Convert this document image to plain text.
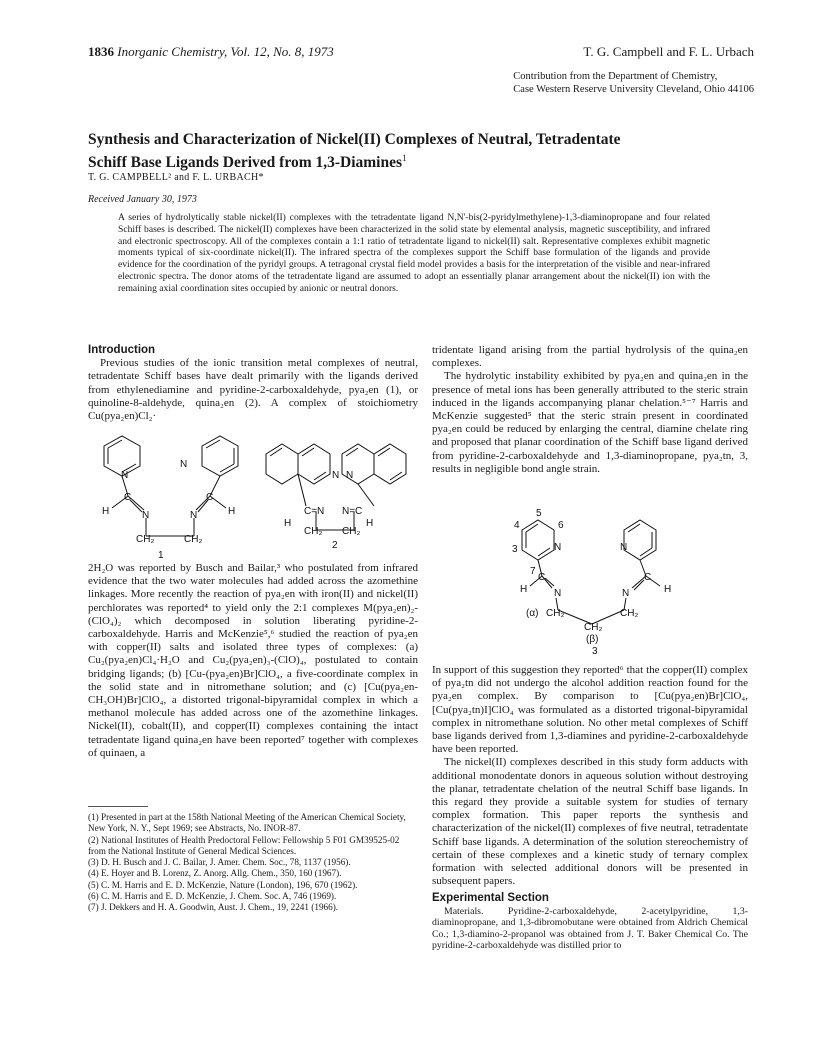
1836 Inorganic Chemistry, Vol. 12, No. 8, 1973	T. G. Campbell and F. L. Urbach
Contribution from the Department of Chemistry,
Case Western Reserve University Cleveland, Ohio 44106
Synthesis and Characterization of Nickel(II) Complexes of Neutral, Tetradentate
Schiff Base Ligands Derived from 1,3-Diamines$^1$
T. G. CAMPBELL² and F. L. URBACH*
Received January 30, 1973
A series of hydrolytically stable nickel(II) complexes with the tetradentate ligand N,N'-bis(2-pyridylmethylene)-1,3-diaminopropane and four related Schiff bases is described. The nickel(II) complexes have been characterized in the solid state by elemental analysis, magnetic susceptibility, and infrared and electronic spectroscopy. All of the complexes contain a 1:1 ratio of tetradentate ligand to nickel(II) salt. Representative complexes exhibit magnetic moments typical of six-coordinate nickel(II). The infrared spectra of the complexes support the Schiff base formulation of the ligands and provide evidence for the coordination of the pyridyl groups. A tetragonal crystal field model provides a basis for the interpretation of the visible and near-infrared electronic spectra. The donor atoms of the tetradentate ligand are assumed to adopt an essentially planar arrangement about the nickel(II) ion with the remaining axial coordination sites occupied by anionic or neutral donors.
Introduction

Previous studies of the ionic transition metal complexes of neutral, tetradentate Schiff bases have dealt primarily with the ligands derived from ethylenediamine and pyridine-2-carboxaldehyde, pya₂en (1), or quinoline-8-aldehyde, quina₂en (2). A complex of stoichiometry Cu(pya₂en)Cl₂·

N
C
H	N
CH₂	CH₂
N
C
H
N
1
C=N N=C
H	H
CH₂ CH₂
N N
2

2H₂O was reported by Busch and Bailar,³ who postulated from infrared evidence that the two water molecules had added across the azomethine linkages. More recently the reaction of pya₂en with iron(II) and nickel(II) perchlorates was reported⁴ to yield only the 2:1 complexes M(pya₂en)₂-(ClO₄)₂ which decomposed in solution liberating pyridine-2-carboxaldehyde. Harris and McKenzie⁵,⁶ studied the reaction of pya₂en with copper(II) salts and isolated three types of complexes: (a) Cu₂(pya₂en)Cl₄·H₂O and Cu₂(pya₂en)₃-(ClO)₄, postulated to contain bridging ligands; (b) [Cu-(pya₂en)Br]ClO₄, a five-coordinate complex in the solid state and in nitromethane solution; and (c) [Cu(pya₂en-CH₃OH)Br]ClO₄, a distorted trigonal-bipyramidal complex in which a methanol molecule has added across one of the azomethine linkages. Nickel(II), cobalt(II), and copper(II) complexes containing the intact tetradentate ligand quina₂en have been reported⁷ together with complexes of quinaen, a

(1) Presented in part at the 158th National Meeting of the American Chemical Society, New York, N. Y., Sept 1969; see Abstracts, No. INOR-87.
(2) National Institutes of Health Predoctoral Fellow: Fellowship 5 F01 GM39525-02 from the National Institute of General Medical Sciences.
(3) D. H. Busch and J. C. Bailar, J. Amer. Chem. Soc., 78, 1137 (1956).
(4) E. Hoyer and B. Lorenz, Z. Anorg. Allg. Chem., 350, 160 (1967).
(5) C. M. Harris and E. D. McKenzie, Nature (London), 196, 670 (1962).
(6) C. M. Harris and E. D. McKenzie, J. Chem. Soc. A, 746 (1969).
(7) J. Dekkers and H. A. Goodwin, Aust. J. Chem., 19, 2241 (1966).

tridentate ligand arising from the partial hydrolysis of the quina₂en complexes.

The hydrolytic instability exhibited by pya₂en and quina₂en in the presence of metal ions has been generally attributed to the steric strain induced in the ligands accompanying planar chelation.⁵⁻⁷ Harris and McKenzie suggested⁵ that the steric strain present in coordinated pya₂en could be reduced by enlarging the central, diamine chelate ring and proposed that planar coordination of the Schiff base ligand derived from pyridine-2-carboxaldehyde and 1,3-diaminopropane, pya₂tn, 3, results in negligible bond angle strain.

5
4	6
3	N
7
C
H	N
(α) CH₂
CH₂
(β)
CH₂
N
C
H
N
3

In support of this suggestion they reported⁶ that the copper(II) complex of pya₂tn did not undergo the alcohol addition reaction found for the pya₂en complex. By comparison to [Cu(pya₂en)Br]ClO₄, [Cu(pya₂tn)I]ClO₄ was formulated as a distorted trigonal-bipyramidal complex in nitromethane solution. No other metal complexes of Schiff base ligands derived from 1,3-diamines and pyridine-2-carboxaldehyde have been reported.

The nickel(II) complexes described in this study form adducts with additional monodentate donors in aqueous solution without destroying the planar, tetradentate chelation of the neutral Schiff base ligands. In this regard they provide a suitable system for studies of ternary complex formation. This paper reports the synthesis and characterization of the nickel(II) complexes of five neutral, tetradentate Schiff base ligands. A determination of the solution stereochemistry of certain of these complexes and a kinetic study of ternary complex formation with selected additional donors will be presented in subsequent papers.

Experimental Section

Materials. Pyridine-2-carboxaldehyde, 2-acetylpyridine, 1,3-diaminopropane, and 1,3-dibromobutane were obtained from Aldrich Chemical Co.; 1,3-diamino-2-propanol was obtained from J. T. Baker Chemical Co. The pyridine-2-carboxaldehyde was distilled prior to
